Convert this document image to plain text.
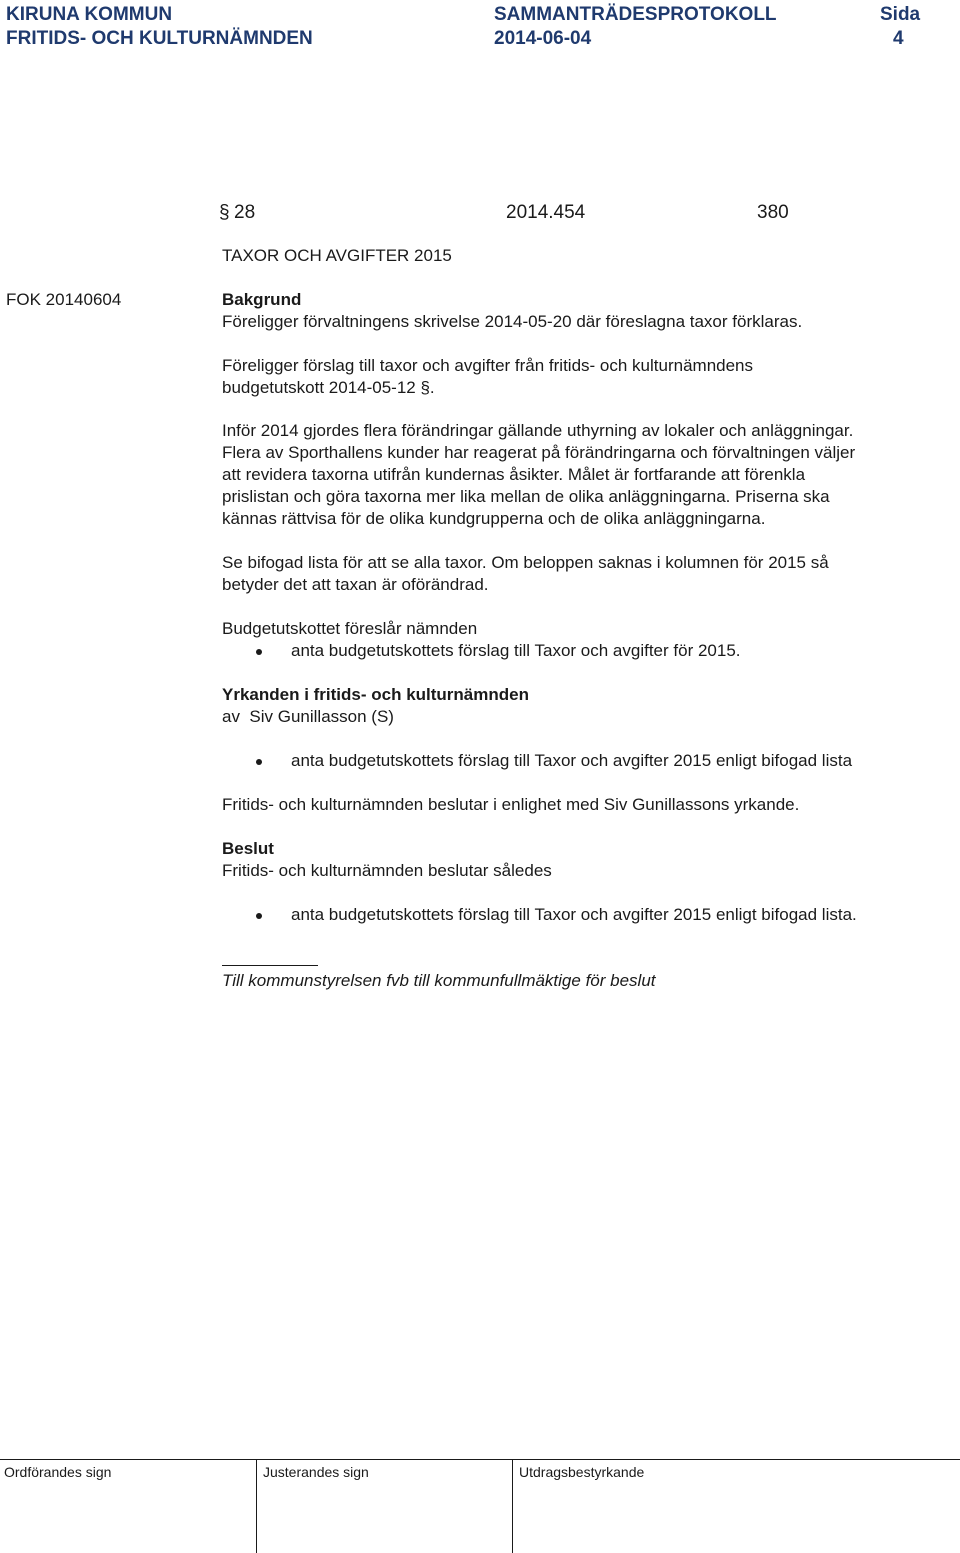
KIRUNA KOMMUN
FRITIDS- OCH KULTURNÄMNDEN
SAMMANTRÄDESPROTOKOLL
2014-06-04
Sida
4
§ 28	2014.454	380
TAXOR OCH AVGIFTER 2015
FOK 20140604	Bakgrund
Föreligger förvaltningens skrivelse 2014-05-20 där föreslagna taxor förklaras.

Föreligger förslag till taxor och avgifter från fritids- och kulturnämndens

budgetutskott 2014-05-12 §.

Inför 2014 gjordes flera förändringar gällande uthyrning av lokaler och anläggningar.

Flera av Sporthallens kunder har reagerat på förändringarna och förvaltningen väljer

att revidera taxorna utifrån kundernas åsikter. Målet är fortfarande att förenkla

prislistan och göra taxorna mer lika mellan de olika anläggningarna. Priserna ska

kännas rättvisa för de olika kundgrupperna och de olika anläggningarna.

Se bifogad lista för att se alla taxor. Om beloppen saknas i kolumnen för 2015 så

betyder det att taxan är oförändrad.

Budgetutskottet föreslår nämnden
anta budgetutskottets förslag till Taxor och avgifter för 2015.
Yrkanden i fritids- och kulturnämnden
av  Siv Gunillasson (S)
anta budgetutskottets förslag till Taxor och avgifter 2015 enligt bifogad lista
Fritids- och kulturnämnden beslutar i enlighet med Siv Gunillassons yrkande.
Beslut
Fritids- och kulturnämnden beslutar således
anta budgetutskottets förslag till Taxor och avgifter 2015 enligt bifogad lista.
Till kommunstyrelsen fvb till kommunfullmäktige för beslut
Ordförandes sign	Justerandes sign	Utdragsbestyrkande
